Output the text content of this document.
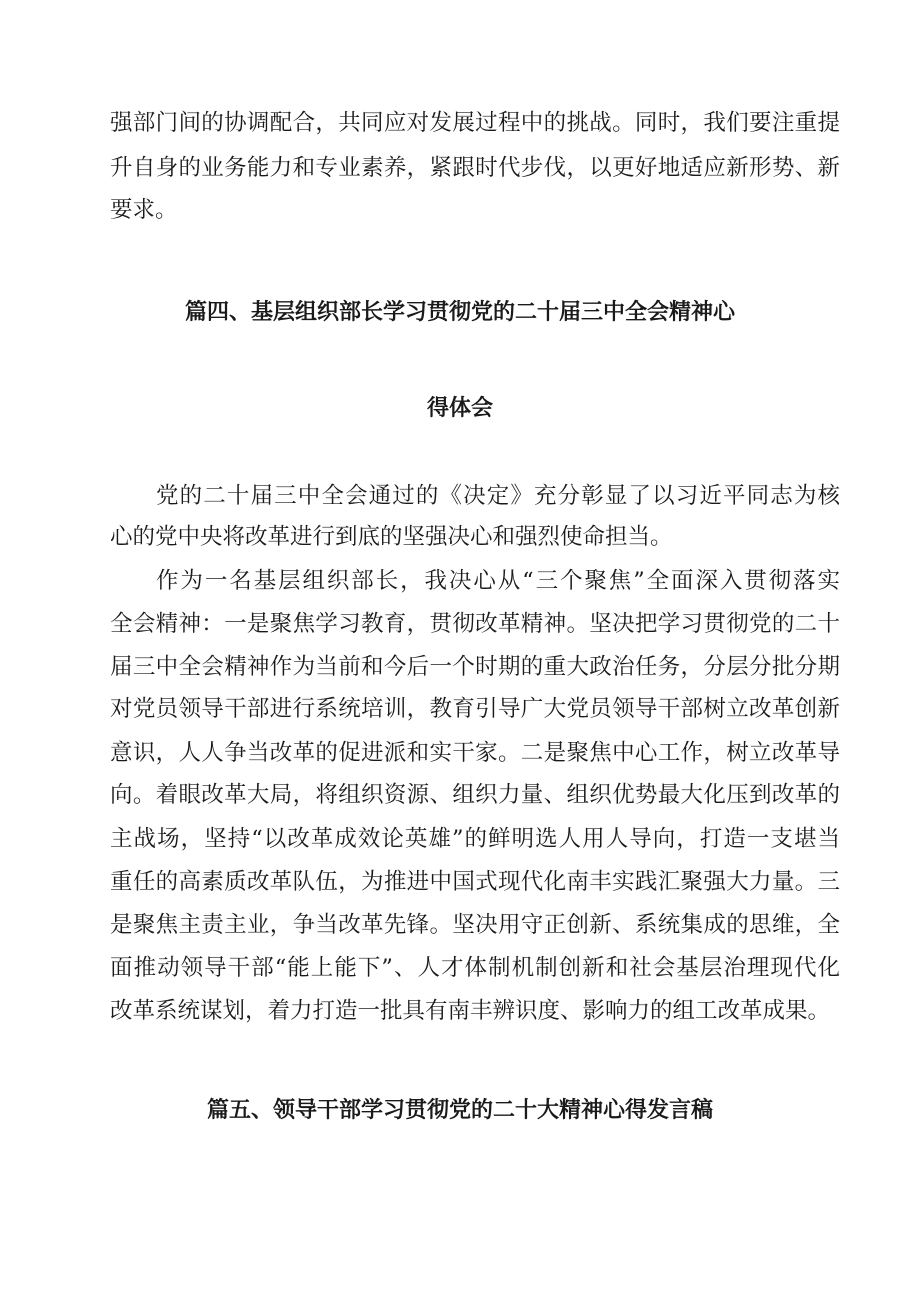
强部门间的协调配合，共同应对发展过程中的挑战。同时，我们要注重提
升自身的业务能力和专业素养，紧跟时代步伐，以更好地适应新形势、新
要求。
篇四、基层组织部长学习贯彻党的二十届三中全会精神心
得体会
党的二十届三中全会通过的《决定》充分彰显了以习近平同志为核
心的党中央将改革进行到底的坚强决心和强烈使命担当。
作为一名基层组织部长，我决心从“三个聚焦”全面深入贯彻落实
全会精神：一是聚焦学习教育，贯彻改革精神。坚决把学习贯彻党的二十
届三中全会精神作为当前和今后一个时期的重大政治任务，分层分批分期
对党员领导干部进行系统培训，教育引导广大党员领导干部树立改革创新
意识，人人争当改革的促进派和实干家。二是聚焦中心工作，树立改革导
向。着眼改革大局，将组织资源、组织力量、组织优势最大化压到改革的
主战场，坚持“以改革成效论英雄”的鲜明选人用人导向，打造一支堪当
重任的高素质改革队伍，为推进中国式现代化南丰实践汇聚强大力量。三
是聚焦主责主业，争当改革先锋。坚决用守正创新、系统集成的思维，全
面推动领导干部“能上能下”、人才体制机制创新和社会基层治理现代化
改革系统谋划，着力打造一批具有南丰辨识度、影响力的组工改革成果。
篇五、领导干部学习贯彻党的二十大精神心得发言稿
